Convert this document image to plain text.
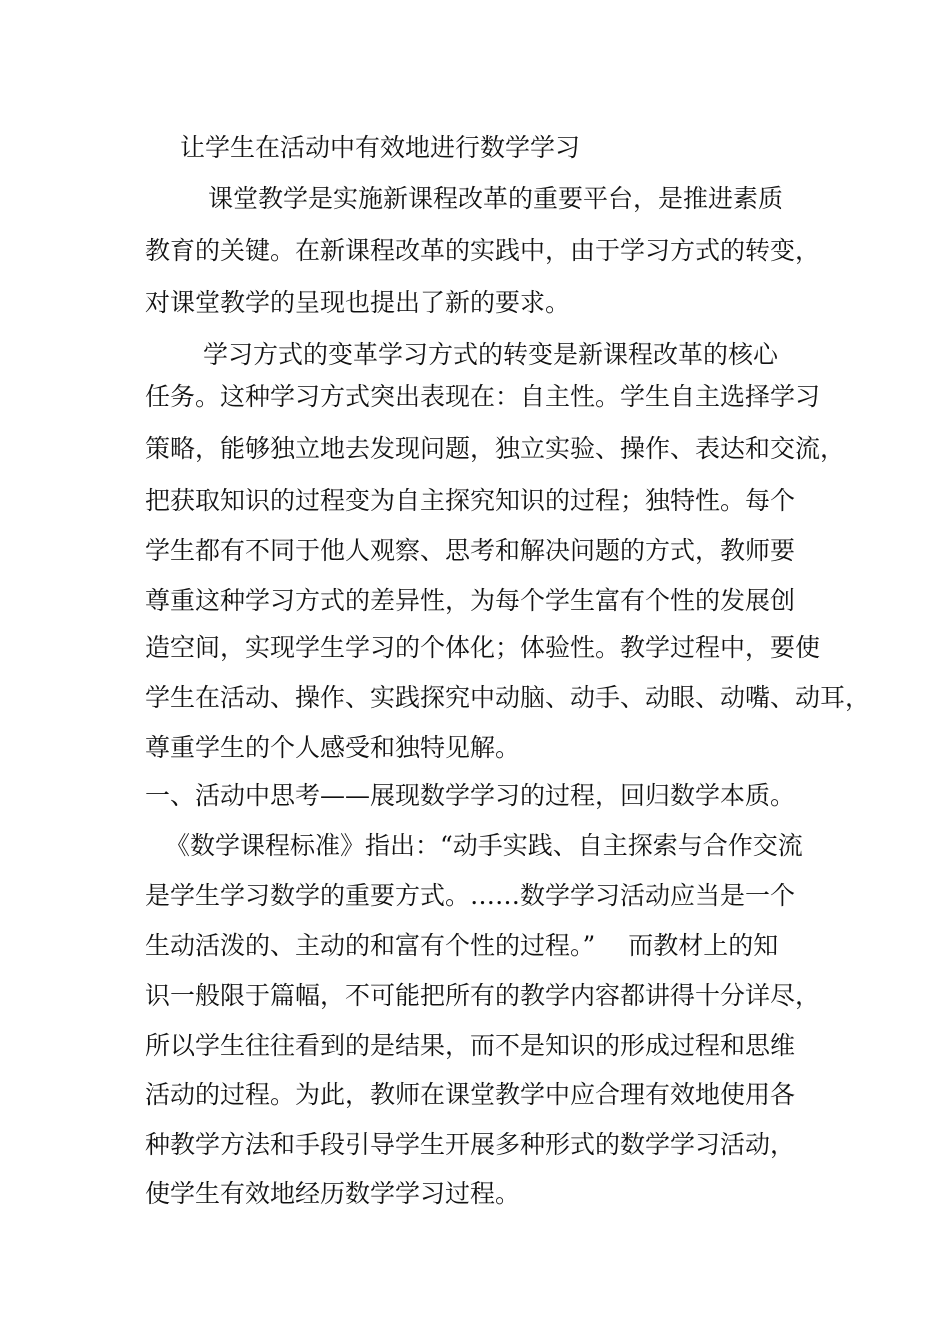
让学生在活动中有效地进行数学学习
课堂教学是实施新课程改革的重要平台，是推进素质
教育的关键。在新课程改革的实践中，由于学习方式的转变，
对课堂教学的呈现也提出了新的要求。
学习方式的变革学习方式的转变是新课程改革的核心
任务。这种学习方式突出表现在：自主性。学生自主选择学习
策略，能够独立地去发现问题，独立实验、操作、表达和交流，
把获取知识的过程变为自主探究知识的过程；独特性。每个
学生都有不同于他人观察、思考和解决问题的方式，教师要
尊重这种学习方式的差异性，为每个学生富有个性的发展创
造空间，实现学生学习的个体化；体验性。教学过程中，要使
学生在活动、操作、实践探究中动脑、动手、动眼、动嘴、动耳，
尊重学生的个人感受和独特见解。
一、活动中思考——展现数学学习的过程，回归数学本质。
《数学课程标准》指出：“动手实践、自主探索与合作交流
是学生学习数学的重要方式。……数学学习活动应当是一个
生动活泼的、主动的和富有个性的过程。”　 而教材上的知
识一般限于篇幅，不可能把所有的教学内容都讲得十分详尽，
所以学生往往看到的是结果，而不是知识的形成过程和思维
活动的过程。为此，教师在课堂教学中应合理有效地使用各
种教学方法和手段引导学生开展多种形式的数学学习活动，
使学生有效地经历数学学习过程。
